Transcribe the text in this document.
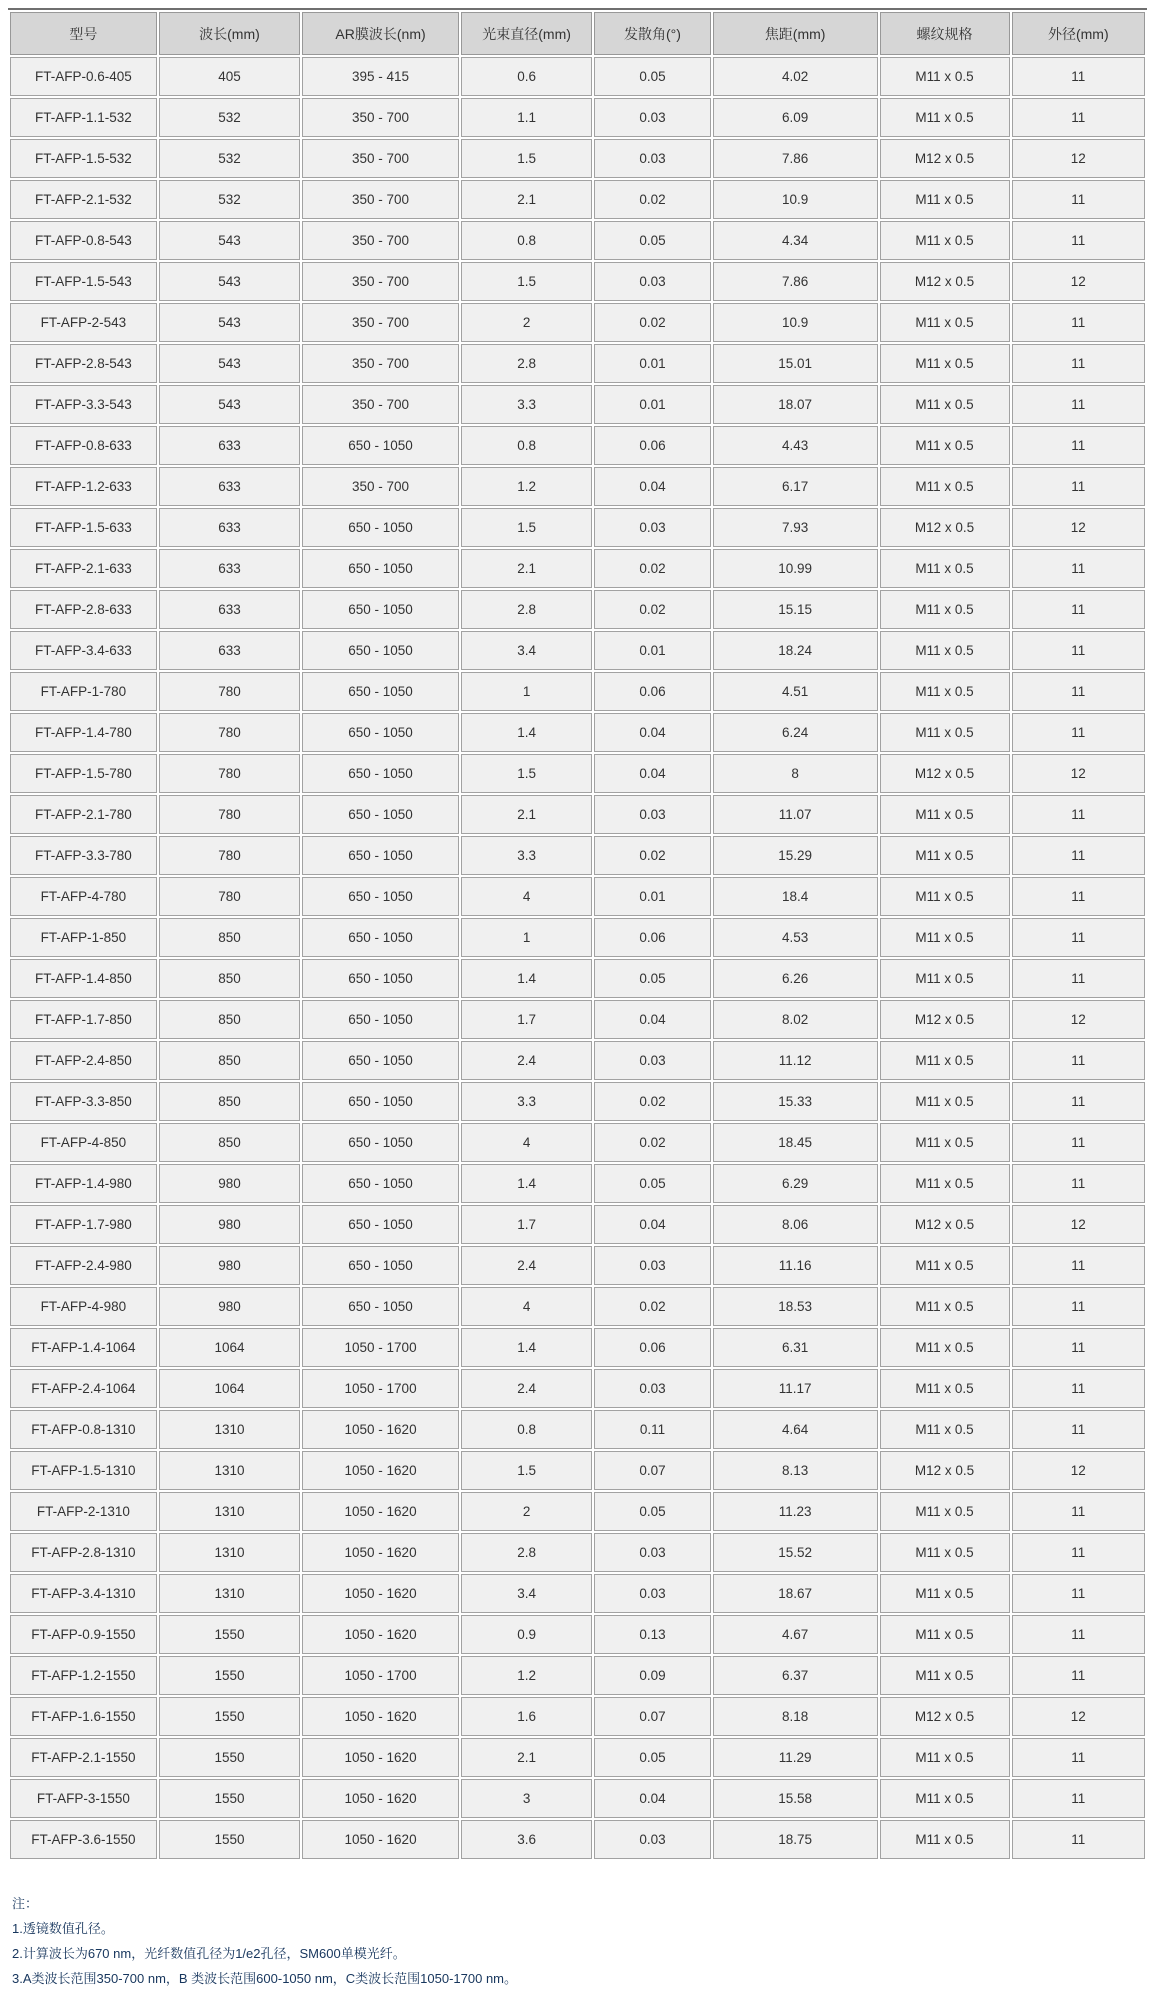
型号	波长(mm)	AR膜波长(nm)	光束直径(mm)	发散角(°)	焦距(mm)	螺纹规格	外径(mm)
FT-AFP-0.6-405	405	395 - 415	0.6	0.05	4.02	M11 x 0.5	11
FT-AFP-1.1-532	532	350 - 700	1.1	0.03	6.09	M11 x 0.5	11
FT-AFP-1.5-532	532	350 - 700	1.5	0.03	7.86	M12 x 0.5	12
FT-AFP-2.1-532	532	350 - 700	2.1	0.02	10.9	M11 x 0.5	11
FT-AFP-0.8-543	543	350 - 700	0.8	0.05	4.34	M11 x 0.5	11
FT-AFP-1.5-543	543	350 - 700	1.5	0.03	7.86	M12 x 0.5	12
FT-AFP-2-543	543	350 - 700	2	0.02	10.9	M11 x 0.5	11
FT-AFP-2.8-543	543	350 - 700	2.8	0.01	15.01	M11 x 0.5	11
FT-AFP-3.3-543	543	350 - 700	3.3	0.01	18.07	M11 x 0.5	11
FT-AFP-0.8-633	633	650 - 1050	0.8	0.06	4.43	M11 x 0.5	11
FT-AFP-1.2-633	633	350 - 700	1.2	0.04	6.17	M11 x 0.5	11
FT-AFP-1.5-633	633	650 - 1050	1.5	0.03	7.93	M12 x 0.5	12
FT-AFP-2.1-633	633	650 - 1050	2.1	0.02	10.99	M11 x 0.5	11
FT-AFP-2.8-633	633	650 - 1050	2.8	0.02	15.15	M11 x 0.5	11
FT-AFP-3.4-633	633	650 - 1050	3.4	0.01	18.24	M11 x 0.5	11
FT-AFP-1-780	780	650 - 1050	1	0.06	4.51	M11 x 0.5	11
FT-AFP-1.4-780	780	650 - 1050	1.4	0.04	6.24	M11 x 0.5	11
FT-AFP-1.5-780	780	650 - 1050	1.5	0.04	8	M12 x 0.5	12
FT-AFP-2.1-780	780	650 - 1050	2.1	0.03	11.07	M11 x 0.5	11
FT-AFP-3.3-780	780	650 - 1050	3.3	0.02	15.29	M11 x 0.5	11
FT-AFP-4-780	780	650 - 1050	4	0.01	18.4	M11 x 0.5	11
FT-AFP-1-850	850	650 - 1050	1	0.06	4.53	M11 x 0.5	11
FT-AFP-1.4-850	850	650 - 1050	1.4	0.05	6.26	M11 x 0.5	11
FT-AFP-1.7-850	850	650 - 1050	1.7	0.04	8.02	M12 x 0.5	12
FT-AFP-2.4-850	850	650 - 1050	2.4	0.03	11.12	M11 x 0.5	11
FT-AFP-3.3-850	850	650 - 1050	3.3	0.02	15.33	M11 x 0.5	11
FT-AFP-4-850	850	650 - 1050	4	0.02	18.45	M11 x 0.5	11
FT-AFP-1.4-980	980	650 - 1050	1.4	0.05	6.29	M11 x 0.5	11
FT-AFP-1.7-980	980	650 - 1050	1.7	0.04	8.06	M12 x 0.5	12
FT-AFP-2.4-980	980	650 - 1050	2.4	0.03	11.16	M11 x 0.5	11
FT-AFP-4-980	980	650 - 1050	4	0.02	18.53	M11 x 0.5	11
FT-AFP-1.4-1064	1064	1050 - 1700	1.4	0.06	6.31	M11 x 0.5	11
FT-AFP-2.4-1064	1064	1050 - 1700	2.4	0.03	11.17	M11 x 0.5	11
FT-AFP-0.8-1310	1310	1050 - 1620	0.8	0.11	4.64	M11 x 0.5	11
FT-AFP-1.5-1310	1310	1050 - 1620	1.5	0.07	8.13	M12 x 0.5	12
FT-AFP-2-1310	1310	1050 - 1620	2	0.05	11.23	M11 x 0.5	11
FT-AFP-2.8-1310	1310	1050 - 1620	2.8	0.03	15.52	M11 x 0.5	11
FT-AFP-3.4-1310	1310	1050 - 1620	3.4	0.03	18.67	M11 x 0.5	11
FT-AFP-0.9-1550	1550	1050 - 1620	0.9	0.13	4.67	M11 x 0.5	11
FT-AFP-1.2-1550	1550	1050 - 1700	1.2	0.09	6.37	M11 x 0.5	11
FT-AFP-1.6-1550	1550	1050 - 1620	1.6	0.07	8.18	M12 x 0.5	12
FT-AFP-2.1-1550	1550	1050 - 1620	2.1	0.05	11.29	M11 x 0.5	11
FT-AFP-3-1550	1550	1050 - 1620	3	0.04	15.58	M11 x 0.5	11
FT-AFP-3.6-1550	1550	1050 - 1620	3.6	0.03	18.75	M11 x 0.5	11
注：
1.透镜数值孔径。
2.计算波长为670 nm，光纤数值孔径为1/e2孔径，SM600单模光纤。
3.A类波长范围350-700 nm，B 类波长范围600-1050 nm，C类波长范围1050-1700 nm。
